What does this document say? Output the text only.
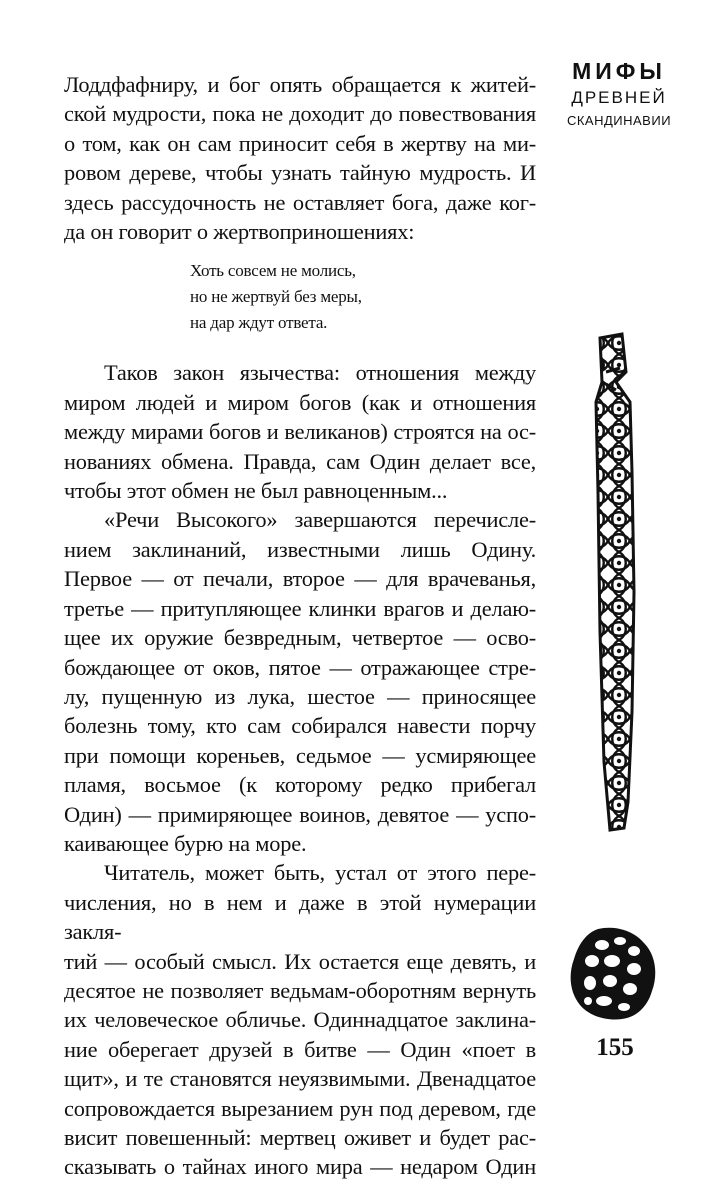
МИФЫ
ДРЕВНЕЙ
СКАНДИНАВИИ

Лоддфафниру, и бог опять обращается к житей-

ской мудрости, пока не доходит до повествования

о том, как он сам приносит себя в жертву на ми-

ровом дереве, чтобы узнать тайную мудрость. И

здесь рассудочность не оставляет бога, даже ког-

да он говорит о жертвоприношениях:

Хоть совсем не молись,
но не жертвуй без меры,
на дар ждут ответа.

Таков закон язычества: отношения между

миром людей и миром богов (как и отношения

между мирами богов и великанов) строятся на ос-

нованиях обмена. Правда, сам Один делает все,

чтобы этот обмен не был равноценным...

«Речи Высокого» завершаются перечисле-

нием заклинаний, известными лишь Одину.

Первое — от печали, второе — для врачеванья,

третье — притупляющее клинки врагов и делаю-

щее их оружие безвредным, четвертое — осво-

бождающее от оков, пятое — отражающее стре-

лу, пущенную из лука, шестое — приносящее

болезнь тому, кто сам собирался навести порчу

при помощи кореньев, седьмое — усмиряющее

пламя, восьмое (к которому редко прибегал

Один) — примиряющее воинов, девятое — успо-

каивающее бурю на море.

Читатель, может быть, устал от этого пере-

числения, но в нем и даже в этой нумерации закля-

тий — особый смысл. Их остается еще девять, и

десятое не позволяет ведьмам-оборотням вернуть

их человеческое обличье. Одиннадцатое заклина-

ние оберегает друзей в битве — Один «поет в

щит», и те становятся неуязвимыми. Двенадцатое

сопровождается вырезанием рун под деревом, где

висит повешенный: мертвец оживет и будет рас-

сказывать о тайнах иного мира — недаром Один

155
